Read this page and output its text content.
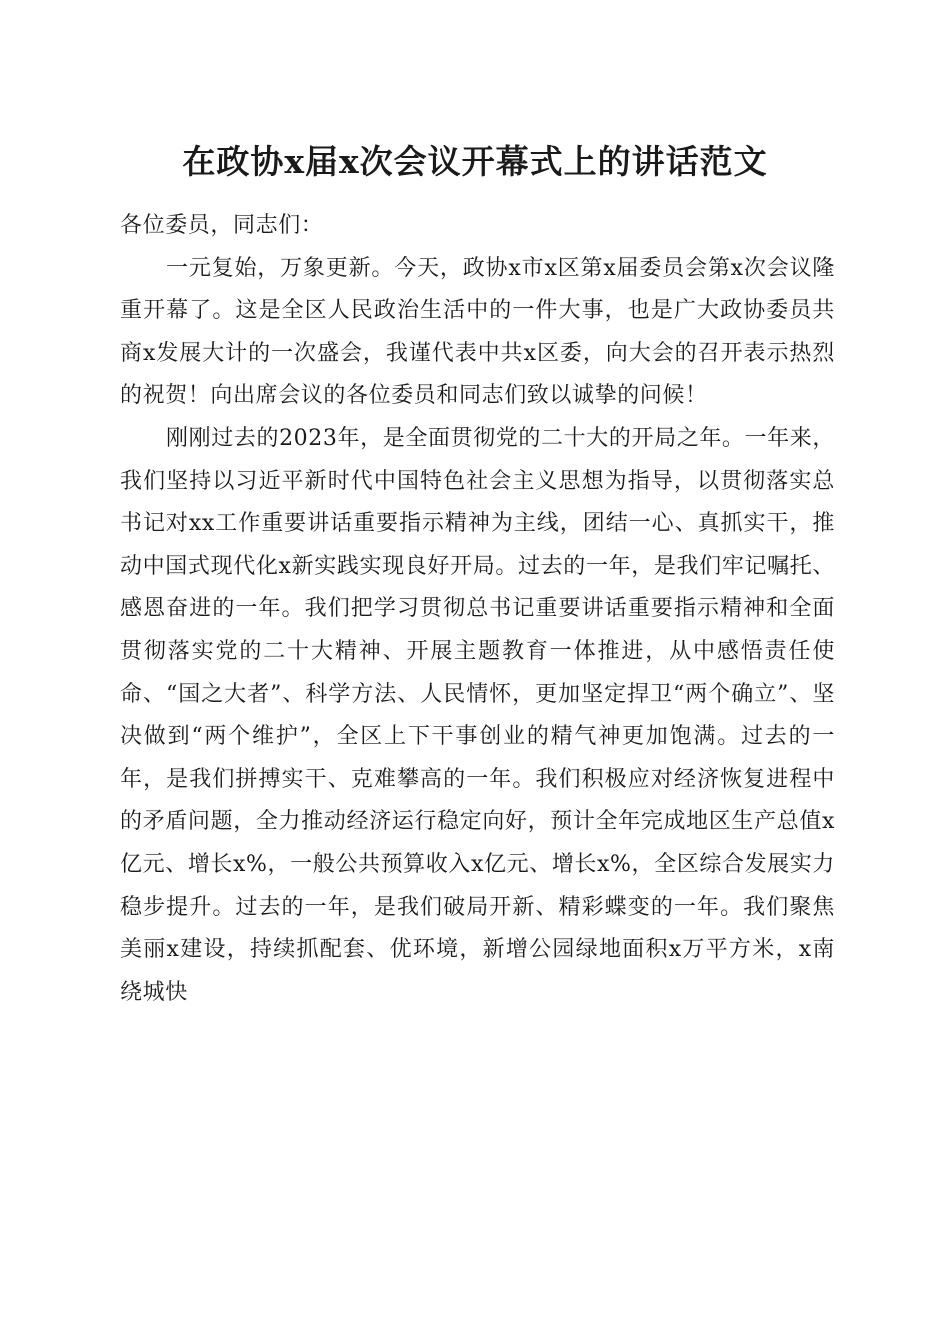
在政协x届x次会议开幕式上的讲话范文

各位委员，同志们：

一元复始，万象更新。今天，政协x市x区第x届委员会第x次会议隆重开幕了。这是全区人民政治生活中的一件大事，也是广大政协委员共商x发展大计的一次盛会，我谨代表中共x区委，向大会的召开表示热烈的祝贺！向出席会议的各位委员和同志们致以诚挚的问候！

刚刚过去的2023年，是全面贯彻党的二十大的开局之年。一年来，我们坚持以习近平新时代中国特色社会主义思想为指导，以贯彻落实总书记对xx工作重要讲话重要指示精神为主线，团结一心、真抓实干，推动中国式现代化x新实践实现良好开局。过去的一年，是我们牢记嘱托、感恩奋进的一年。我们把学习贯彻总书记重要讲话重要指示精神和全面贯彻落实党的二十大精神、开展主题教育一体推进，从中感悟责任使命、“国之大者”、科学方法、人民情怀，更加坚定捍卫“两个确立”、坚决做到“两个维护”，全区上下干事创业的精气神更加饱满。过去的一年，是我们拼搏实干、克难攀高的一年。我们积极应对经济恢复进程中的矛盾问题，全力推动经济运行稳定向好，预计全年完成地区生产总值x亿元、增长x%，一般公共预算收入x亿元、增长x%，全区综合发展实力稳步提升。过去的一年，是我们破局开新、精彩蝶变的一年。我们聚焦美丽x建设，持续抓配套、优环境，新增公园绿地面积x万平方米，x南绕城快
